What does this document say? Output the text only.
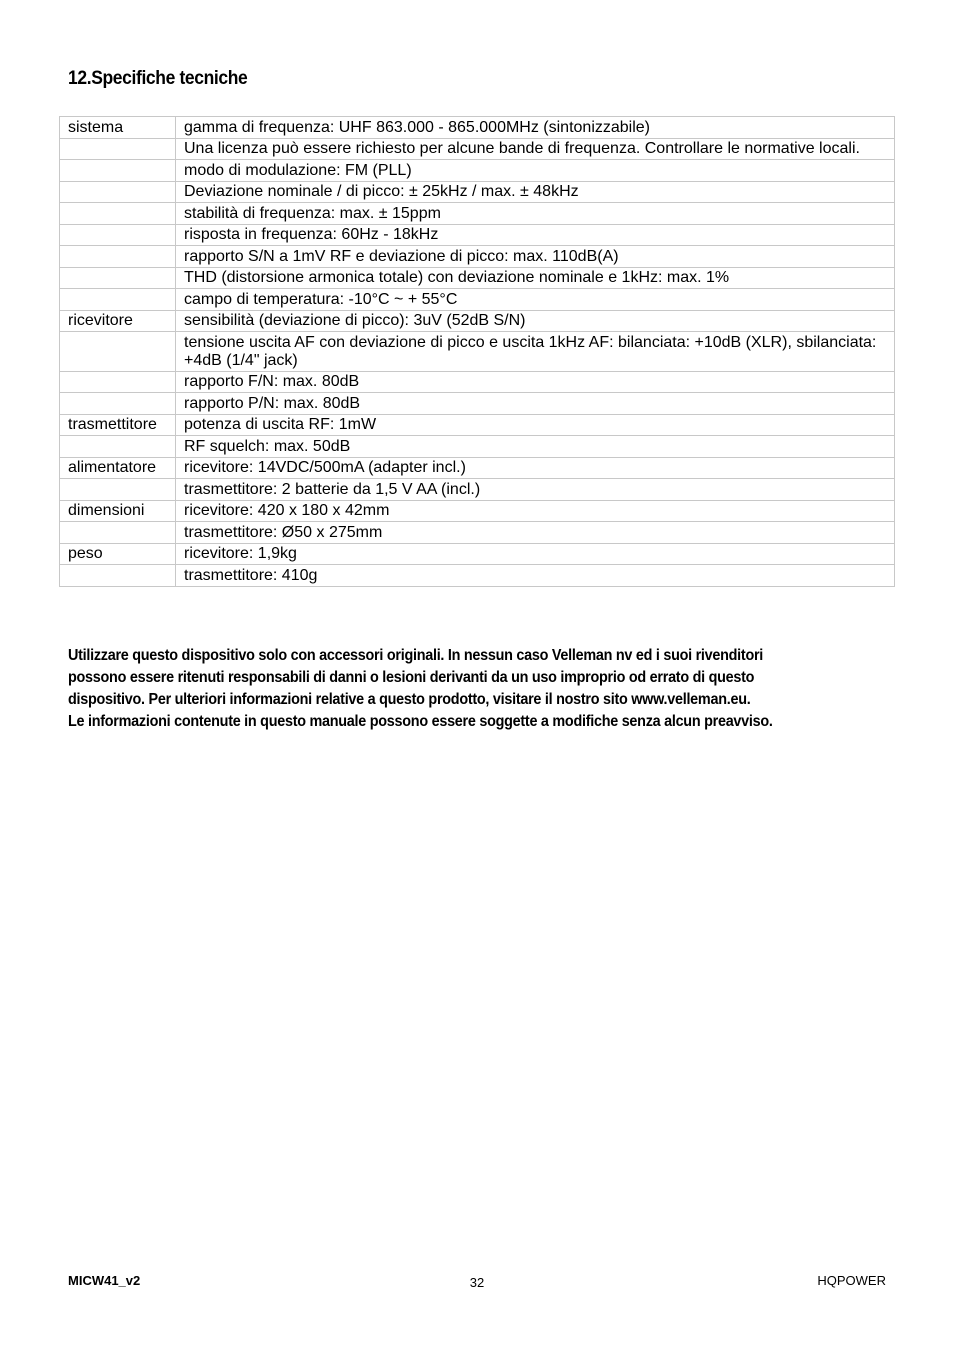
12.Specifiche tecniche
sistema	gamma di frequenza: UHF 863.000 - 865.000MHz (sintonizzabile)
	Una licenza può essere richiesto per alcune bande di frequenza. Controllare le normative locali.
	modo di modulazione: FM (PLL)
	Deviazione nominale / di picco: ± 25kHz / max. ± 48kHz
	stabilità di frequenza: max. ± 15ppm
	risposta in frequenza: 60Hz - 18kHz
	rapporto S/N a 1mV RF e deviazione di picco: max. 110dB(A)
	THD (distorsione armonica totale) con deviazione nominale e 1kHz: max. 1%
	campo di temperatura: -10°C ~ + 55°C
ricevitore	sensibilità (deviazione di picco): 3uV (52dB S/N)
	tensione uscita AF con deviazione di picco e uscita 1kHz AF: bilanciata: +10dB (XLR), sbilanciata: +4dB (1/4" jack)
	rapporto F/N: max. 80dB
	rapporto P/N: max. 80dB
trasmettitore	potenza di uscita RF: 1mW
	RF squelch: max. 50dB
alimentatore	ricevitore: 14VDC/500mA (adapter incl.)
	trasmettitore: 2 batterie da 1,5 V AA (incl.)
dimensioni	ricevitore: 420 x 180 x 42mm
	trasmettitore: Ø50 x 275mm
peso	ricevitore: 1,9kg
	trasmettitore: 410g

Utilizzare questo dispositivo solo con accessori originali. In nessun caso Velleman nv ed i suoi rivenditori

possono essere ritenuti responsabili di danni o lesioni derivanti da un uso improprio od errato di questo

dispositivo. Per ulteriori informazioni relative a questo prodotto, visitare il nostro sito www.velleman.eu.

Le informazioni contenute in questo manuale possono essere soggette a modifiche senza alcun preavviso.

MICW41_v2	32	HQPOWER
